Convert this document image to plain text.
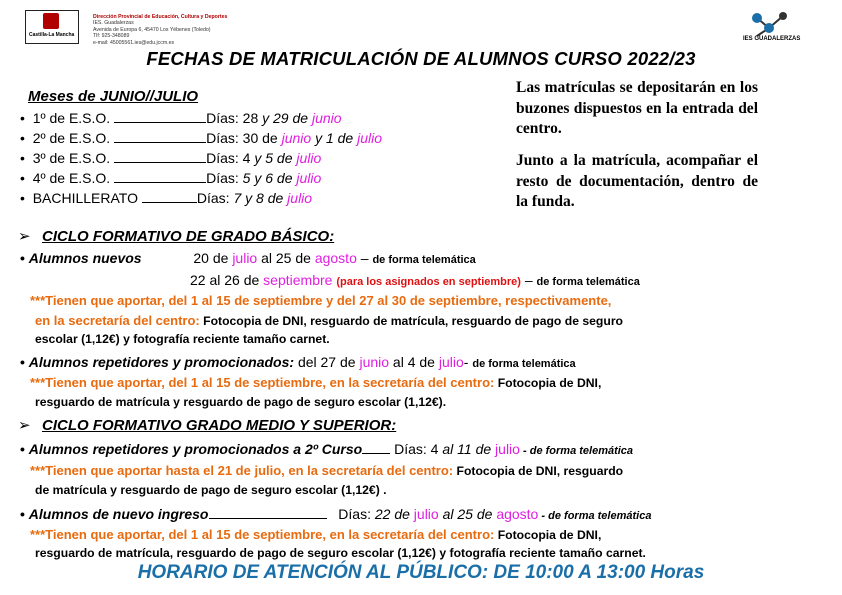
Castilla-La Mancha
Dirección Provincial de Educación, Cultura y Deportes
IES. Guadalerzas
Avenida de Europa 6, 45470 Los Yébenes (Toledo)
Tlf: 925-348089
e-mail: 45005561.ies@edu.jccm.es
IES GUADALERZAS
FECHAS DE MATRICULACIÓN DE ALUMNOS CURSO 2022/23
Meses de JUNIO//JULIO
•  1º de E.S.O.	Días: 28 y 29 de junio
•  2º de E.S.O.	Días: 30 de junio y 1 de julio
•  3º de E.S.O.	Días: 4 y 5 de julio
•  4º de E.S.O.	Días: 5 y 6 de julio
•  BACHILLERATO	Días: 7 y 8 de julio
Las matrículas se depositarán en los buzones dispuestos en la entrada del centro.
Junto a la matrícula, acompañar el resto de documentación, dentro de la funda.
➢ CICLO FORMATIVO DE GRADO BÁSICO:
• Alumnos nuevos	20 de julio al 25 de agosto – de forma telemática
22 al 26 de septiembre (para los asignados en septiembre) – de forma telemática
***Tienen que aportar, del 1 al 15 de septiembre y del 27 al 30 de septiembre, respectivamente,
en la secretaría del centro: Fotocopia de DNI, resguardo de matrícula, resguardo de pago de seguro
escolar (1,12€) y fotografía reciente tamaño carnet.
• Alumnos repetidores y promocionados: del 27 de junio al 4 de julio- de forma telemática
***Tienen que aportar, del 1 al 15 de septiembre, en la secretaría del centro: Fotocopia de DNI,
resguardo de matrícula y resguardo de pago de seguro escolar (1,12€).
➢ CICLO FORMATIVO GRADO MEDIO Y SUPERIOR:
• Alumnos repetidores y promocionados a 2º Curso Días: 4 al 11 de julio - de forma telemática
***Tienen que aportar hasta el 21 de julio, en la secretaría del centro: Fotocopia de DNI, resguardo
de matrícula y resguardo de pago de seguro escolar (1,12€) .
• Alumnos de nuevo ingreso	Días: 22 de julio al 25 de agosto - de forma telemática
***Tienen que aportar, del 1 al 15 de septiembre, en la secretaría del centro: Fotocopia de DNI,
resguardo de matrícula, resguardo de pago de seguro escolar (1,12€) y fotografía reciente tamaño carnet.
HORARIO DE ATENCIÓN AL PÚBLICO: DE 10:00 A 13:00 Horas
